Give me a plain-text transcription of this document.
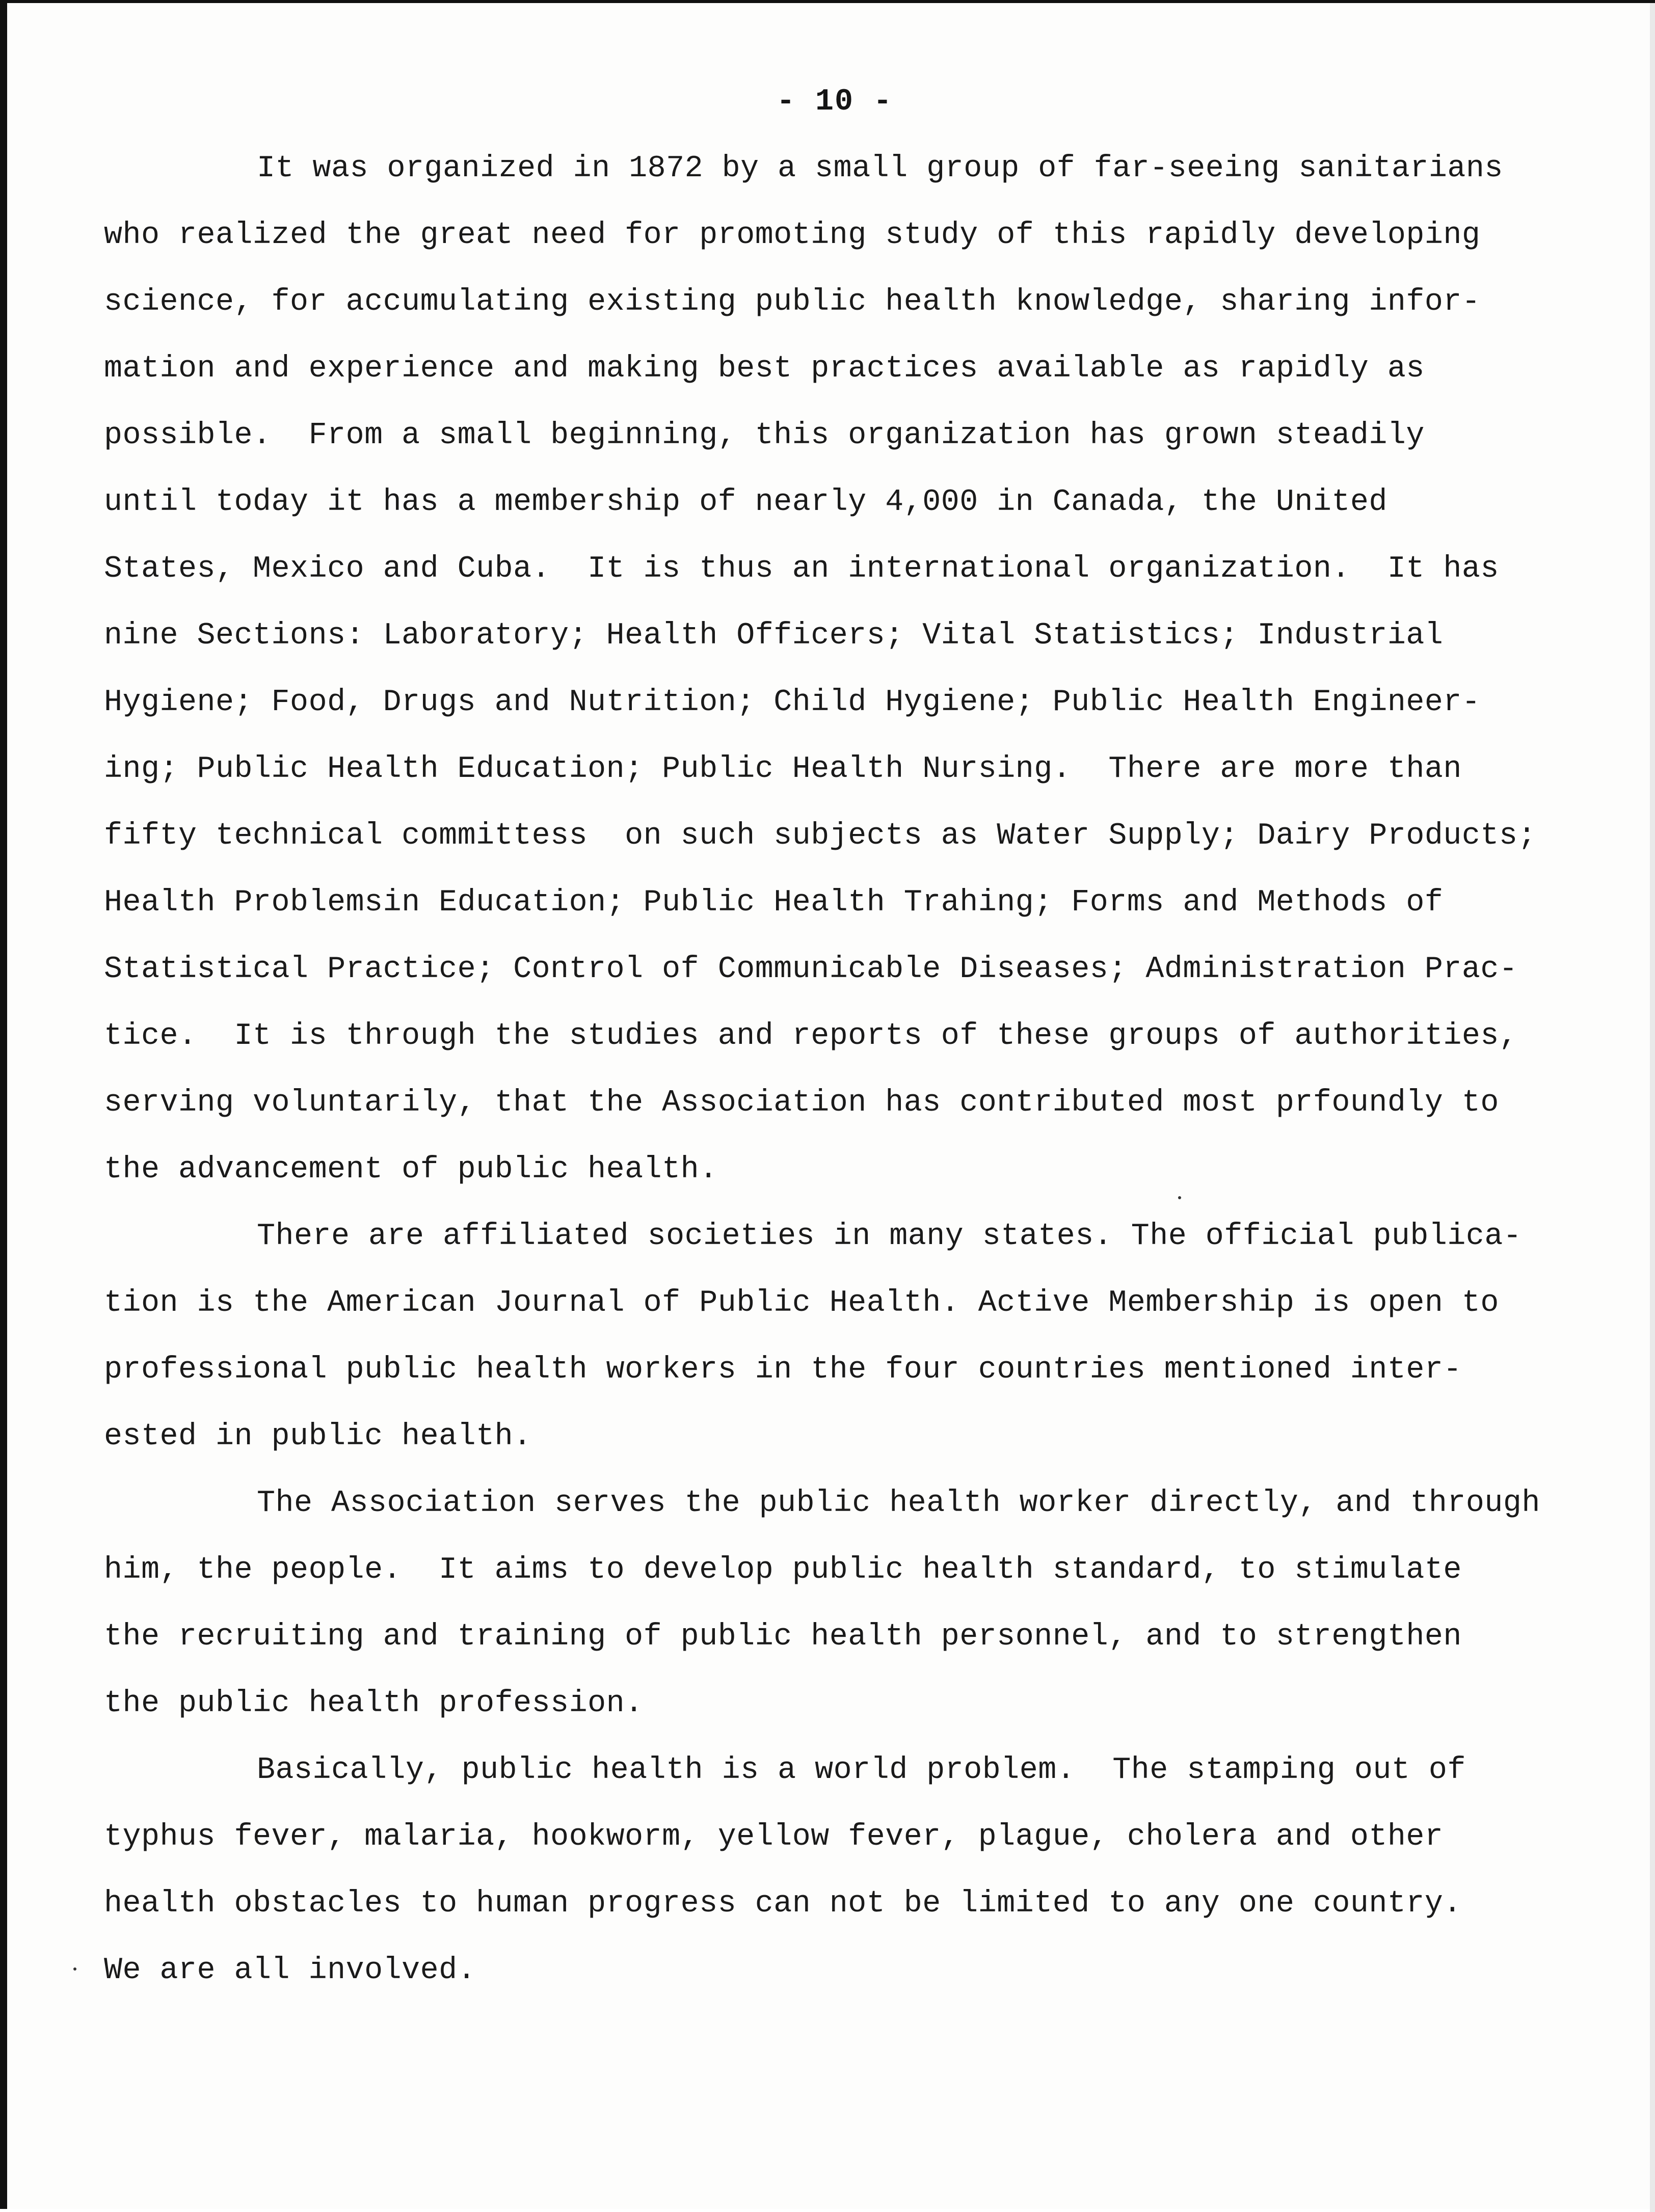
- 10 -
It was organized in 1872 by a small group of far-seeing sanitarians
who realized the great need for promoting study of this rapidly developing
science, for accumulating existing public health knowledge, sharing infor-
mation and experience and making best practices available as rapidly as
possible.  From a small beginning, this organization has grown steadily
until today it has a membership of nearly 4,000 in Canada, the United
States, Mexico and Cuba.  It is thus an international organization.  It has
nine Sections: Laboratory; Health Officers; Vital Statistics; Industrial
Hygiene; Food, Drugs and Nutrition; Child Hygiene; Public Health Engineer-
ing; Public Health Education; Public Health Nursing.  There are more than
fifty technical committess  on such subjects as Water Supply; Dairy Products;
Health Problemsin Education; Public Health Trahing; Forms and Methods of
Statistical Practice; Control of Communicable Diseases; Administration Prac-
tice.  It is through the studies and reports of these groups of authorities,
serving voluntarily, that the Association has contributed most prfoundly to
the advancement of public health.
There are affiliated societies in many states. The official publica-
tion is the American Journal of Public Health. Active Membership is open to
professional public health workers in the four countries mentioned inter-
ested in public health.
The Association serves the public health worker directly, and through
him, the people.  It aims to develop public health standard, to stimulate
the recruiting and training of public health personnel, and to strengthen
the public health profession.
Basically, public health is a world problem.  The stamping out of
typhus fever, malaria, hookworm, yellow fever, plague, cholera and other
health obstacles to human progress can not be limited to any one country.
We are all involved.
